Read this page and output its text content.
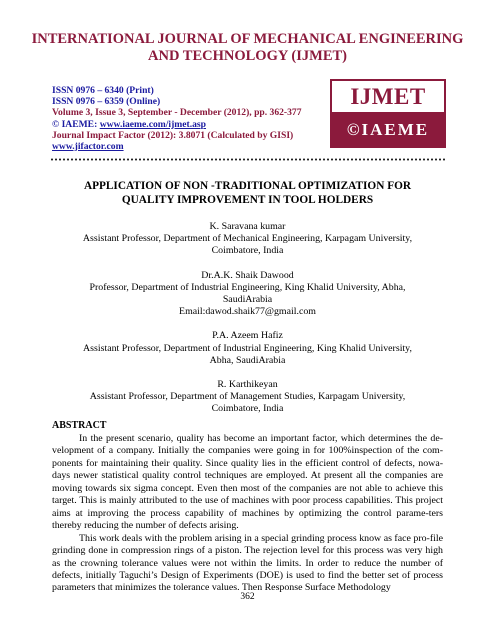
INTERNATIONAL JOURNAL OF MECHANICAL ENGINEERING
AND TECHNOLOGY (IJMET)
ISSN 0976 – 6340 (Print)
ISSN 0976 – 6359 (Online)
Volume 3, Issue 3, September - December (2012), pp. 362-377
© IAEME: www.iaeme.com/ijmet.asp
Journal Impact Factor (2012): 3.8071 (Calculated by GISI)
www.jifactor.com
IJMET
©IAEME
APPLICATION OF NON -TRADITIONAL OPTIMIZATION FOR
QUALITY IMPROVEMENT IN TOOL HOLDERS
K. Saravana kumar
Assistant Professor, Department of Mechanical Engineering, Karpagam University,
Coimbatore, India
Dr.A.K. Shaik Dawood
Professor, Department of Industrial Engineering, King Khalid University, Abha,
SaudiArabia
Email:dawod.shaik77@gmail.com
P.A. Azeem Hafiz
Assistant Professor, Department of Industrial Engineering, King Khalid University,
Abha, SaudiArabia
R. Karthikeyan
Assistant Professor, Department of Management Studies, Karpagam University,
Coimbatore, India
ABSTRACT

In the present scenario, quality has become an important factor, which determines the de-velopment of a company. Initially the companies were going in for 100%inspection of the com-ponents for maintaining their quality. Since quality lies in the efficient control of defects, nowa-days newer statistical quality control techniques are employed. At present all the companies are moving towards six sigma concept. Even then most of the companies are not able to achieve this target. This is mainly attributed to the use of machines with poor process capabilities. This project aims at improving the process capability of machines by optimizing the control parame-ters thereby reducing the number of defects arising.

This work deals with the problem arising in a special grinding process know as face pro-file grinding done in compression rings of a piston. The rejection level for this process was very high as the crowning tolerance values were not within the limits. In order to reduce the number of defects, initially Taguchi’s Design of Experiments (DOE) is used to find the better set of process parameters that minimizes the tolerance values. Then Response Surface Methodology

362
